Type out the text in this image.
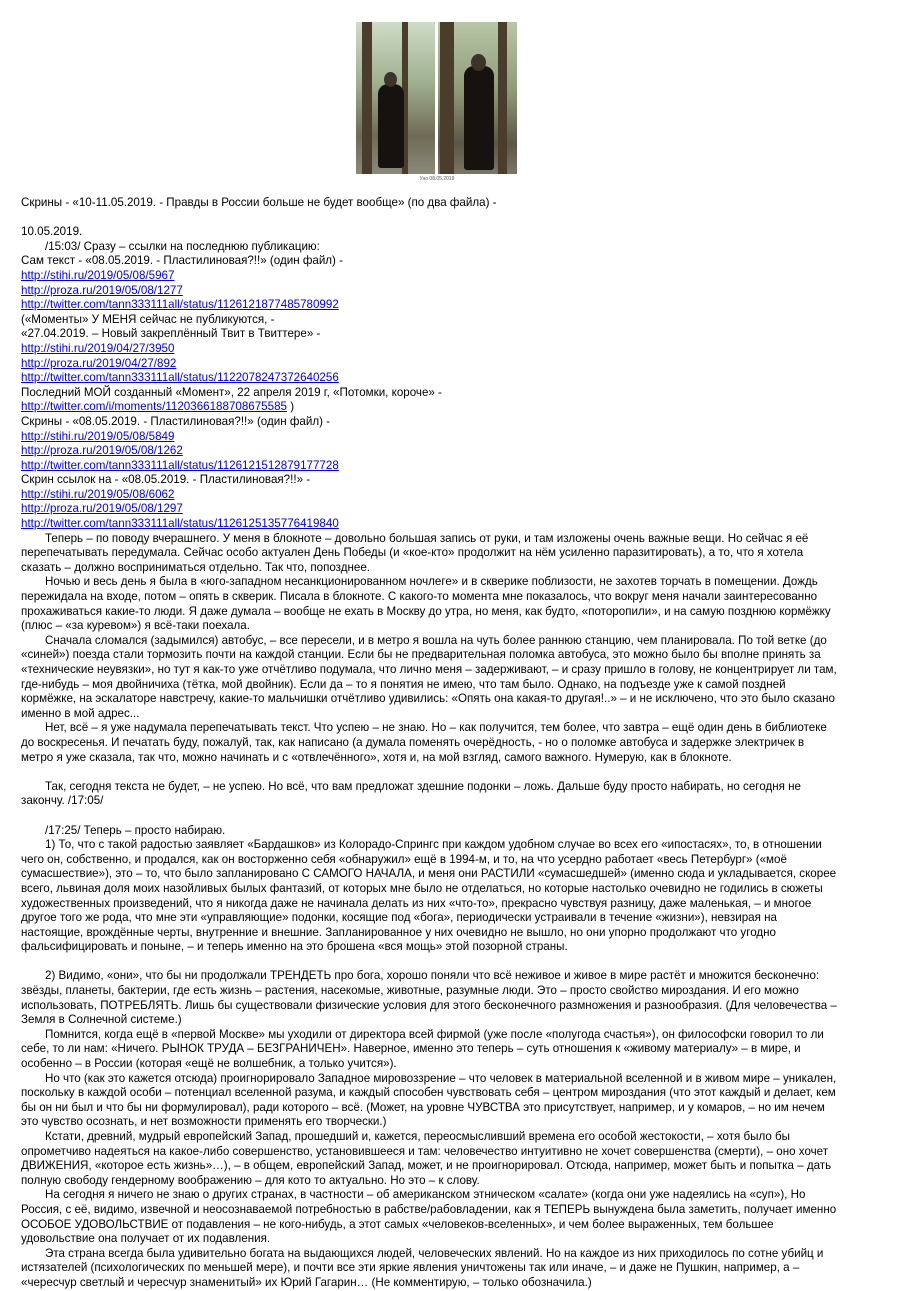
Уно 08.05.2019
Скрины - «10-11.05.2019. - Правды в России больше не будет вообще» (по два файла) -
10.05.2019.
/15:03/ Сразу – ссылки на последнюю публикацию:
Сам текст - «08.05.2019. - Пластилиновая?!!» (один файл) -
http://stihi.ru/2019/05/08/5967
http://proza.ru/2019/05/08/1277
http://twitter.com/tann333111all/status/1126121877485780992
(«Моменты» У МЕНЯ сейчас не публикуются, -
«27.04.2019. – Новый закреплённый Твит в Твиттере» -
http://stihi.ru/2019/04/27/3950
http://proza.ru/2019/04/27/892
http://twitter.com/tann333111all/status/1122078247372640256
Последний МОЙ созданный «Момент», 22 апреля 2019 г, «Потомки, короче» -
http://twitter.com/i/moments/1120366188708675585 )
Скрины - «08.05.2019. - Пластилиновая?!!» (один файл) -
http://stihi.ru/2019/05/08/5849
http://proza.ru/2019/05/08/1262
http://twitter.com/tann333111all/status/1126121512879177728
Скрин ссылок на - «08.05.2019. - Пластилиновая?!!» -
http://stihi.ru/2019/05/08/6062
http://proza.ru/2019/05/08/1297
http://twitter.com/tann333111all/status/1126125135776419840
Теперь – по поводу вчерашнего. У меня в блокноте – довольно большая запись от руки, и там изложены очень важные вещи. Но сейчас я её
перепечатывать передумала. Сейчас особо актуален День Победы (и «кое-кто» продолжит на нём усиленно паразитировать), а то, что я хотела
сказать – должно восприниматься отдельно. Так что, попозднее.
Ночью и весь день я была в «юго-западном несанкционированном ночлеге» и в скверике поблизости, не захотев торчать в помещении. Дождь
пережидала на входе, потом – опять в скверик. Писала в блокноте. С какого-то момента мне показалось, что вокруг меня начали заинтересованно
прохаживаться какие-то люди. Я даже думала – вообще не ехать в Москву до утра, но меня, как будто, «поторопили», и на самую позднюю кормёжку
(плюс – «за куревом») я всё-таки поехала.
Сначала сломался (задымился) автобус, – все пересели, и в метро я вошла на чуть более раннюю станцию, чем планировала. По той ветке (до
«синей») поезда стали тормозить почти на каждой станции. Если бы не предварительная поломка автобуса, это можно было бы вполне принять за
«технические неувязки», но тут я как-то уже отчётливо подумала, что лично меня – задерживают, – и сразу пришло в голову, не концентрирует ли там,
где-нибудь – моя двойничиха (тётка, мой двойник). Если да – то я понятия не имею, что там было. Однако, на подъезде уже к самой поздней
кормёжке, на эскалаторе навстречу, какие-то мальчишки отчётливо удивились: «Опять она какая-то другая!..» – и не исключено, что это было сказано
именно в мой адрес...
Нет, всё – я уже надумала перепечатывать текст. Что успею – не знаю. Но – как получится, тем более, что завтра – ещё один день в библиотеке
до воскресенья. И печатать буду, пожалуй, так, как написано (а думала поменять очерёдность, - но о поломке автобуса и задержке электричек в
метро я уже сказала, так что, можно начинать и с «отвлечённого», хотя и, на мой взгляд, самого важного. Нумерую, как в блокноте.
Так, сегодня текста не будет, – не успею. Но всё, что вам предложат здешние подонки – ложь. Дальше буду просто набирать, но сегодня не
закончу. /17:05/
/17:25/ Теперь – просто набираю.
1) То, что с такой радостью заявляет «Бардашков» из Колорадо-Спрингс при каждом удобном случае во всех его «ипостасях», то, в отношении
чего он, собственно, и продался, как он восторженно себя «обнаружил» ещё в 1994-м, и то, на что усердно работает «весь Петербург» («моё
сумасшествие»), это – то, что было запланировано С САМОГО НАЧАЛА, и меня они РАСТИЛИ «сумасшедшей» (именно сюда и укладывается, скорее
всего, львиная доля моих назойливых былых фантазий, от которых мне было не отделаться, но которые настолько очевидно не годились в сюжеты
художественных произведений, что я никогда даже не начинала делать из них «что-то», прекрасно чувствуя разницу, даже маленькая, – и многое
другое того же рода, что мне эти «управляющие» подонки, косящие под «бога», периодически устраивали в течение «жизни»), невзирая на
настоящие, врождённые черты, внутренние и внешние. Запланированное у них очевидно не вышло, но они упорно продолжают что угодно
фальсифицировать и поныне, – и теперь именно на это брошена «вся мощь» этой позорной страны.
2) Видимо, «они», что бы ни продолжали ТРЕНДЕТЬ про бога, хорошо поняли что всё неживое и живое в мире растёт и множится бесконечно:
звёзды, планеты, бактерии, где есть жизнь – растения, насекомые, животные, разумные люди. Это – просто свойство мироздания. И его можно
использовать, ПОТРЕБЛЯТЬ. Лишь бы существовали физические условия для этого бесконечного размножения и разнообразия. (Для человечества –
Земля в Солнечной системе.)
Помнится, когда ещё в «первой Москве» мы уходили от директора всей фирмой (уже после «полугода счастья»), он философски говорил то ли
себе, то ли нам: «Ничего. РЫНОК ТРУДА – БЕЗГРАНИЧЕН». Наверное, именно это теперь – суть отношения к «живому материалу» – в мире, и
особенно – в России (которая «ещё не волшебник, а только учится»).
Но что (как это кажется отсюда) проигнорировало Западное мировоззрение – что человек в материальной вселенной и в живом мире – уникален,
поскольку в каждой особи – потенциал вселенной разума, и каждый способен чувствовать себя – центром мироздания (что этот каждый и делает, кем
бы он ни был и что бы ни формулировал), ради которого – всё. (Может, на уровне ЧУВСТВА это присутствует, например, и у комаров, – но им нечем
это чувство осознать, и нет возможности применять его творчески.)
Кстати, древний, мудрый европейский Запад, прошедший и, кажется, переосмысливший времена его особой жестокости, – хотя было бы
опрометчиво надеяться на какое-либо совершенство, установившееся и там: человечество интуитивно не хочет совершенства (смерти), – оно хочет
ДВИЖЕНИЯ, «которое есть жизнь»…), – в общем, европейский Запад, может, и не проигнорировал. Отсюда, например, может быть и попытка – дать
полную свободу гендерному воображению – для кото то актуально. Но это – к слову.
На сегодня я ничего не знаю о других странах, в частности – об американском этническом «салате» (когда они уже надеялись на «суп»), Но
Россия, с её, видимо, извечной и неосознаваемой потребностью в рабстве/рабовладении, как я ТЕПЕРЬ вынуждена была заметить, получает именно
ОСОБОЕ УДОВОЛЬСТВИЕ от подавления – не кого-нибудь, а этот самых «человеков-вселенных», и чем более выраженных, тем большее
удовольствие она получает от их подавления.
Эта страна всегда была удивительно богата на выдающихся людей, человеческих явлений. Но на каждое из них приходилось по сотне убийц и
истязателей (психологических по меньшей мере), и почти все эти яркие явления уничтожены так или иначе, – и даже не Пушкин, например, а –
«чересчур светлый и чересчур знаменитый» их Юрий Гагарин… (Не комментирую, – только обозначила.)
